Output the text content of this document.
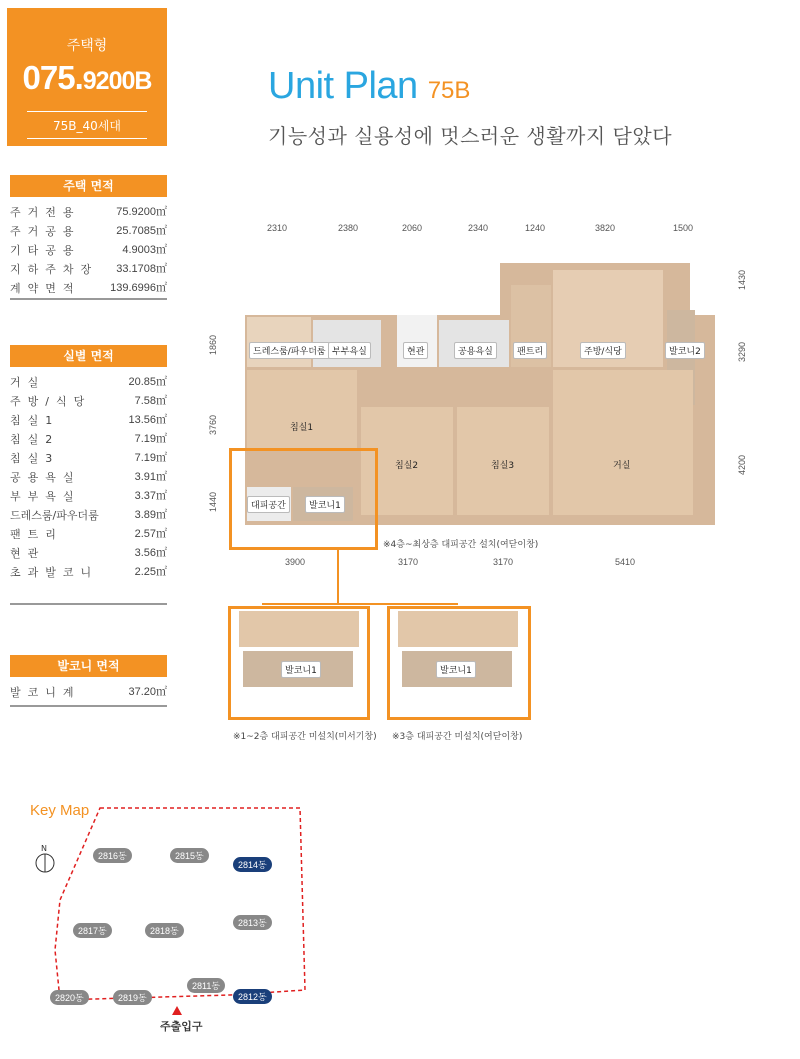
주택형
075.9200B
75B_40세대
Unit Plan 75B
기능성과 실용성에 멋스러운 생활까지 담았다
주택 면적
주거전용	75.9200㎡
주거공용	25.7085㎡
기타공용	4.9003㎡
지하주차장 33.1708㎡
계약면적	139.6996㎡
실별 면적
거실	20.85㎡
주방/식당	7.58㎡
침실1	13.56㎡
침실2	7.19㎡
침실3	7.19㎡
공용욕실	3.91㎡
부부욕실	3.37㎡
드레스룸/파우더룸	3.89㎡
팬트리	2.57㎡
현관	3.56㎡
초과발코니	2.25㎡
발코니 면적
발코니계	37.20㎡
2310	2380	2060	2340	1240	3820	1500
1860
3760
1440
1430
3290
4200
드레스룸/파우더룸 부부욕실	현관	공용욕실	팬트리	주방/식당	발코니2
침실1
침실2	침실3	거실
대피공간	발코니1
※4층~최상층 대피공간 설치(여닫이창)
3900	3170	3170	5410
발코니1
※1~2층 대피공간 미설치(미서기창)
발코니1
※3층 대피공간 미설치(여닫이창)
Key Map
N
2816동	2815동
2814동
2817동	2818동
2813동
2820동	2819동
2811동
2812동
주출입구
